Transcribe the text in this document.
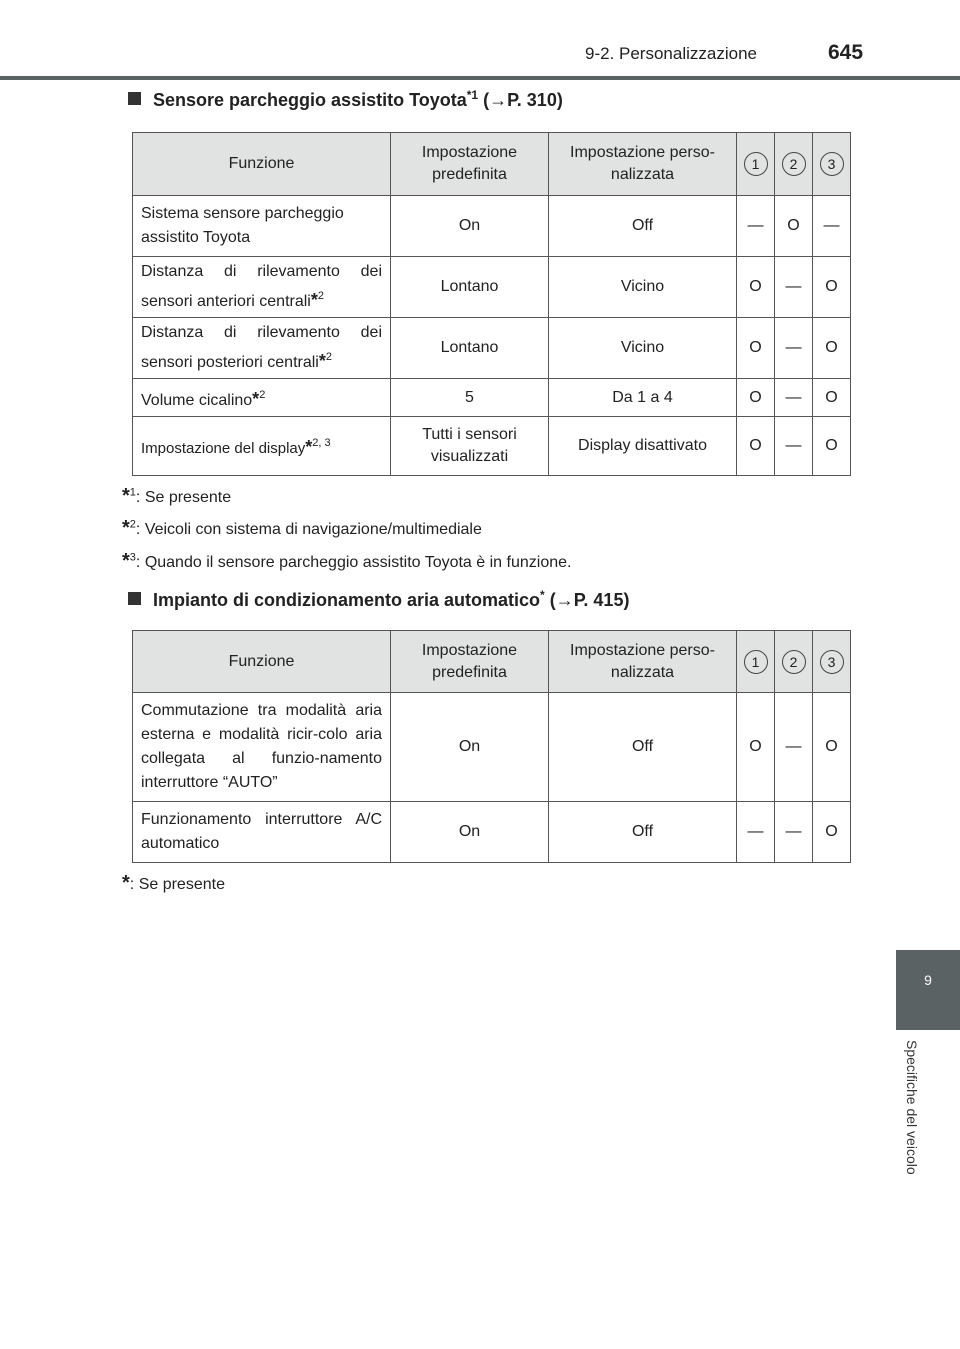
9-2. Personalizzazione	645
9
Specifiche del veicolo
Sensore parcheggio assistito Toyota$^{*1}$ (→P. 310)
Funzione	Impostazione predefinita	Impostazione perso-nalizzata	1	2	3
Sistema sensore parcheggio assistito Toyota	On	Off	—	O	—
Distanza di rilevamento dei sensori anteriori centrali*$^2$	Lontano	Vicino	O	—	O
Distanza di rilevamento dei sensori posteriori centrali*$^2$	Lontano	Vicino	O	—	O
Volume cicalino*$^2$	5	Da 1 a 4	O	—	O
Impostazione del display*$^{2, 3}$	Tutti i sensori visualizzati	Display disattivato	O	—	O
*$^1$: Se presente
*$^2$: Veicoli con sistema di navigazione/multimediale
*$^3$: Quando il sensore parcheggio assistito Toyota è in funzione.
Impianto di condizionamento aria automatico* (→P. 415)
Funzione	Impostazione predefinita	Impostazione perso-nalizzata	1	2	3
Commutazione tra modalità aria esterna e modalità ricir-colo aria collegata al funzio-namento interruttore “AUTO”	On	Off	O	—	O
Funzionamento interruttore A/C automatico	On	Off	—	—	O
*: Se presente
